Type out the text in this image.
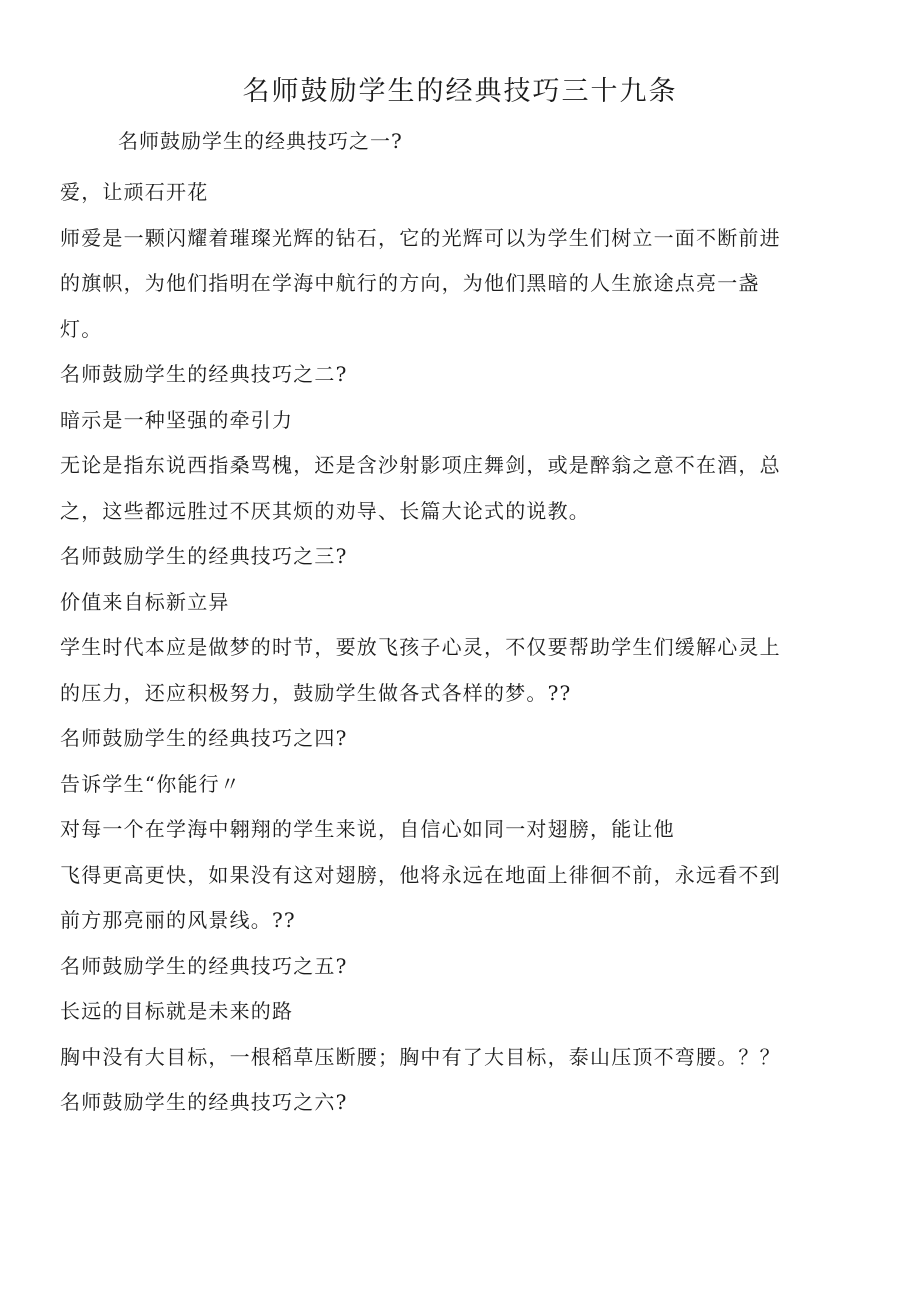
名师鼓励学生的经典技巧三十九条
名师鼓励学生的经典技巧之一?
爱，让顽石开花
师爱是一颗闪耀着璀璨光辉的钻石，它的光辉可以为学生们树立一面不断前进
的旗帜，为他们指明在学海中航行的方向，为他们黑暗的人生旅途点亮一盏
灯。
名师鼓励学生的经典技巧之二?
暗示是一种坚强的牵引力
无论是指东说西指桑骂槐，还是含沙射影项庄舞剑，或是醉翁之意不在酒，总
之，这些都远胜过不厌其烦的劝导、长篇大论式的说教。
名师鼓励学生的经典技巧之三?
价值来自标新立异
学生时代本应是做梦的时节，要放飞孩子心灵，不仅要帮助学生们缓解心灵上
的压力，还应积极努力，鼓励学生做各式各样的梦。??
名师鼓励学生的经典技巧之四?
告诉学生“你能行〃
对每一个在学海中翱翔的学生来说，自信心如同一对翅膀，能让他
飞得更高更快，如果没有这对翅膀，他将永远在地面上徘徊不前，永远看不到
前方那亮丽的风景线。??
名师鼓励学生的经典技巧之五?
长远的目标就是未来的路
胸中没有大目标，一根稻草压断腰；胸中有了大目标，泰山压顶不弯腰。？？
名师鼓励学生的经典技巧之六?
